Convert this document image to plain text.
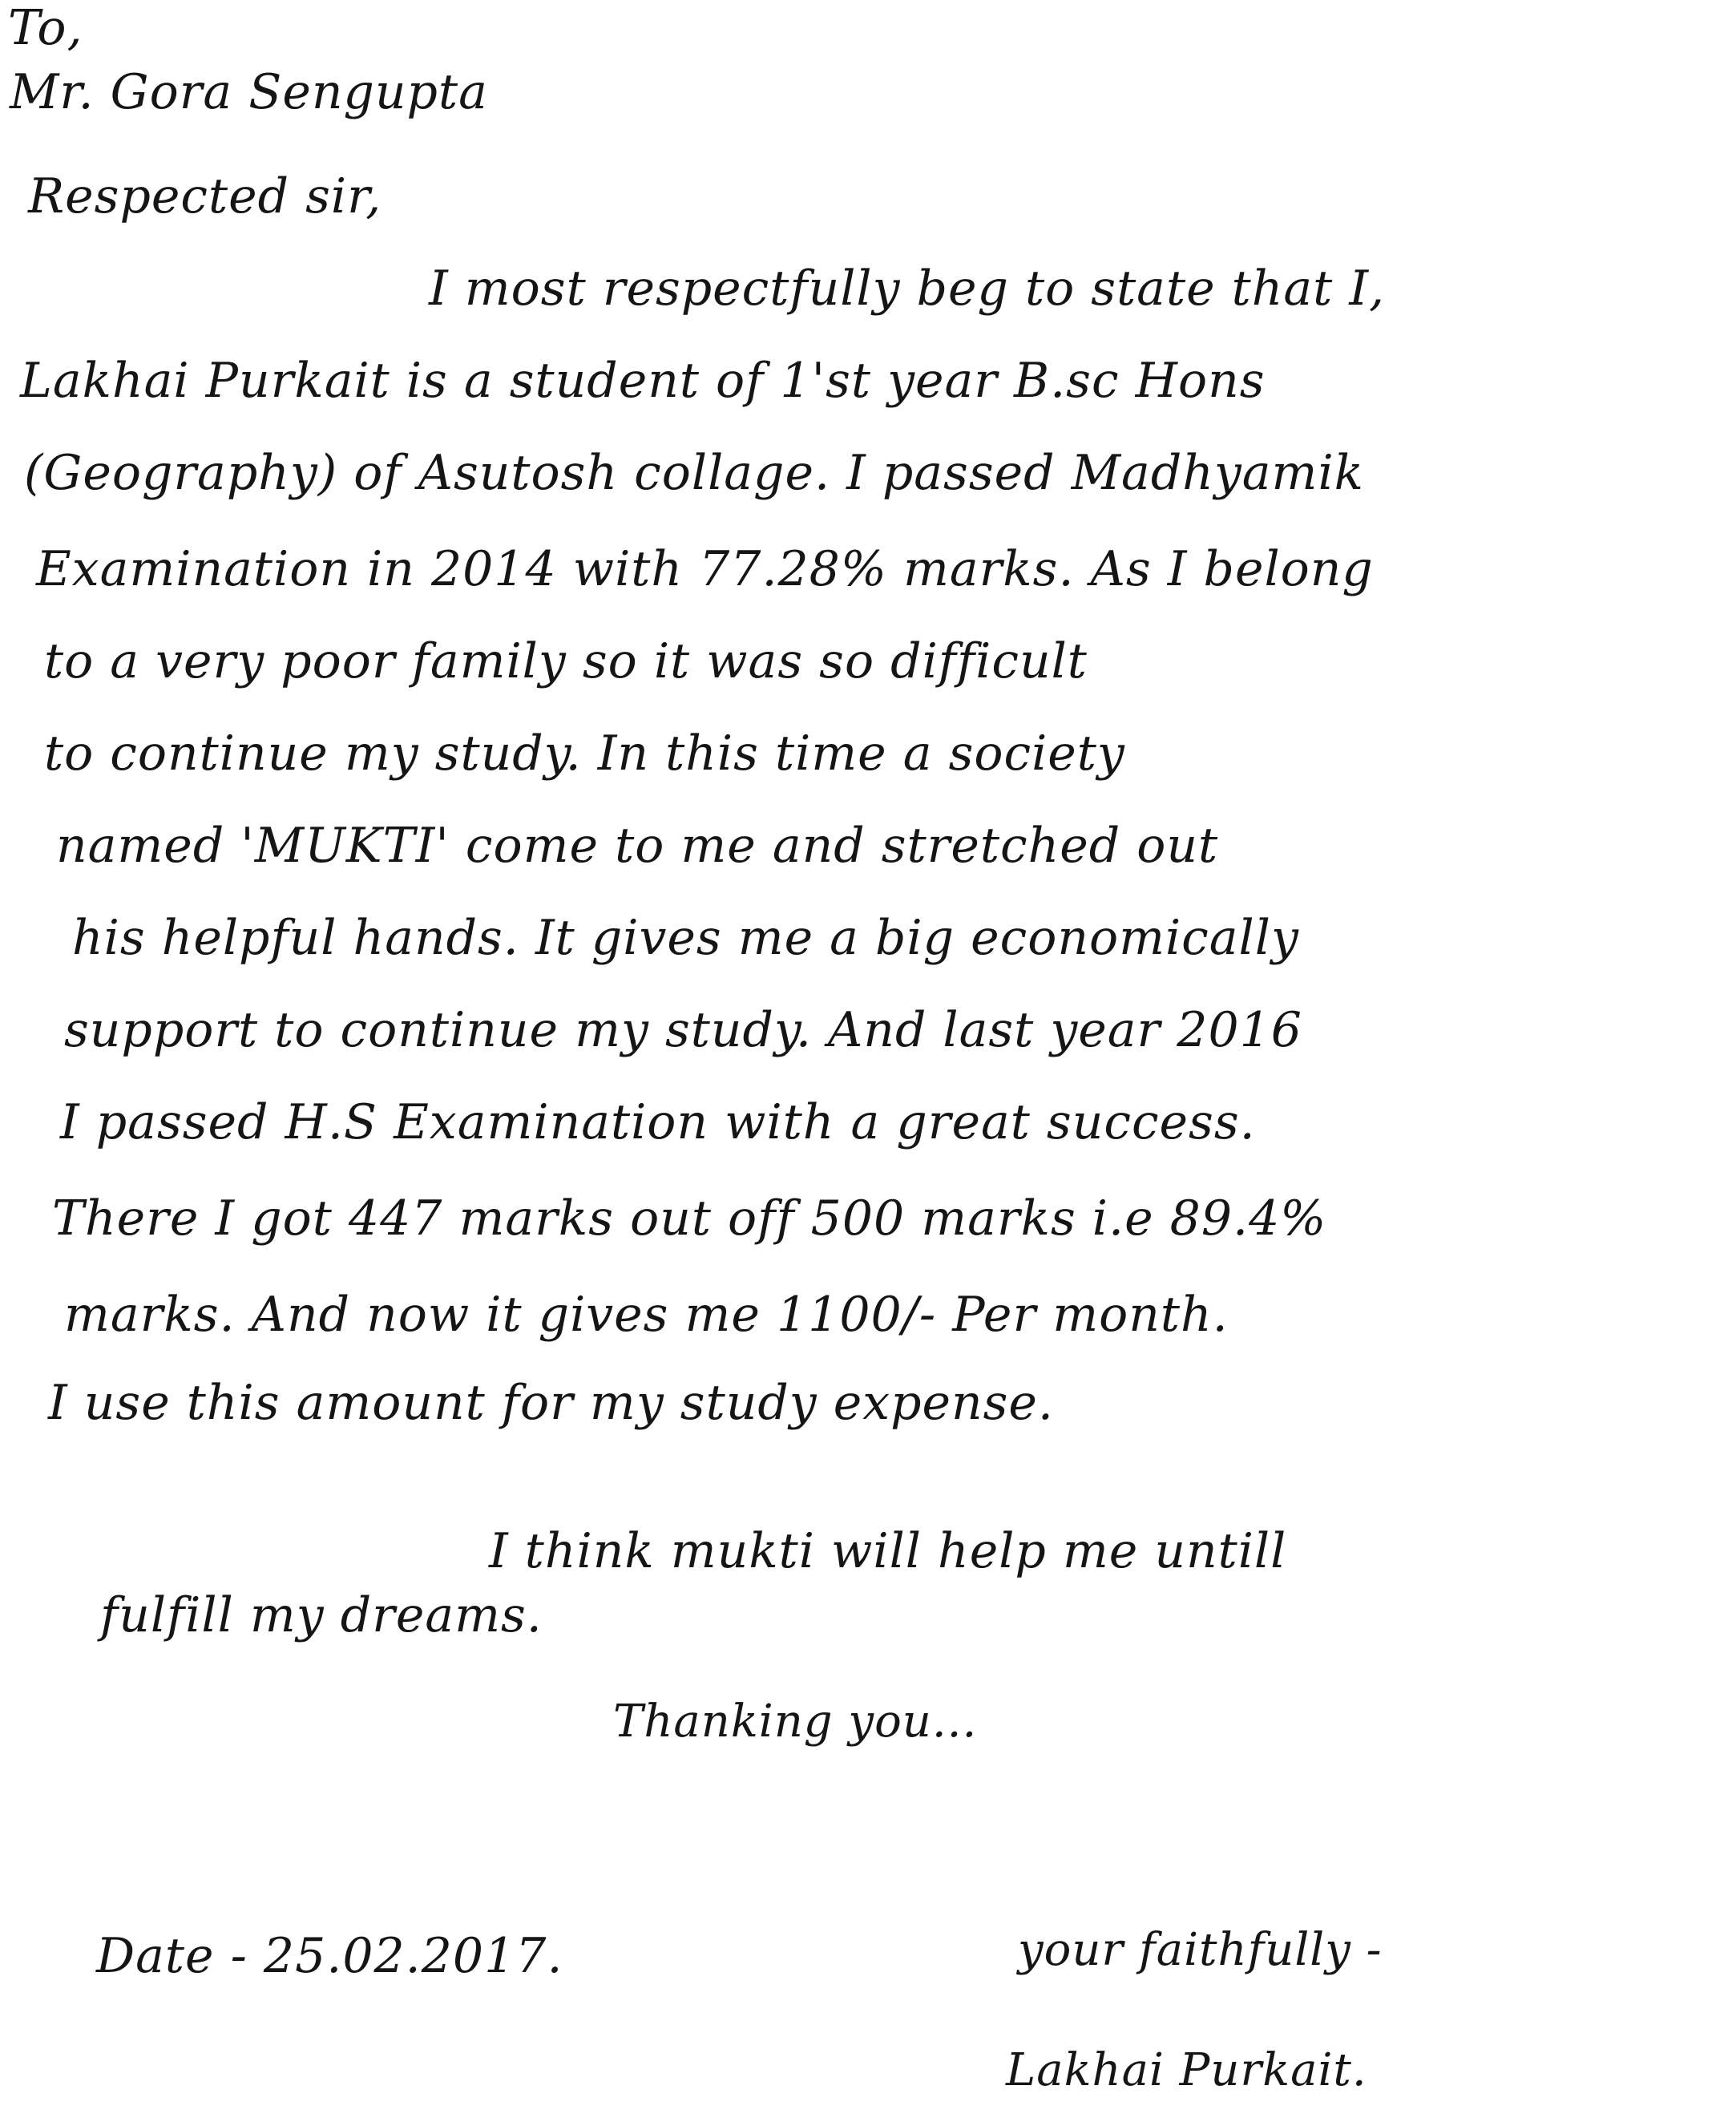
To,
Mr. Gora Sengupta
Respected sir,
I most respectfully beg to state that I,
Lakhai Purkait is a student of 1'st year B.sc Hons
(Geography) of Asutosh collage. I passed Madhyamik
Examination in 2014 with 77.28% marks. As I belong
to a very poor family so it was so difficult
to continue my study. In this time a society
named 'MUKTI' come to me and stretched out
his helpful hands. It gives me a big economically
support to continue my study. And last year 2016
I passed H.S Examination with a great success.
There I got 447 marks out off 500 marks i.e 89.4%
marks. And now it gives me 1100/- Per month.
I use this amount for my study expense.
I think mukti will help me untill
fulfill my dreams.
Thanking you...
Date - 25.02.2017.	your faithfully -
Lakhai Purkait.
